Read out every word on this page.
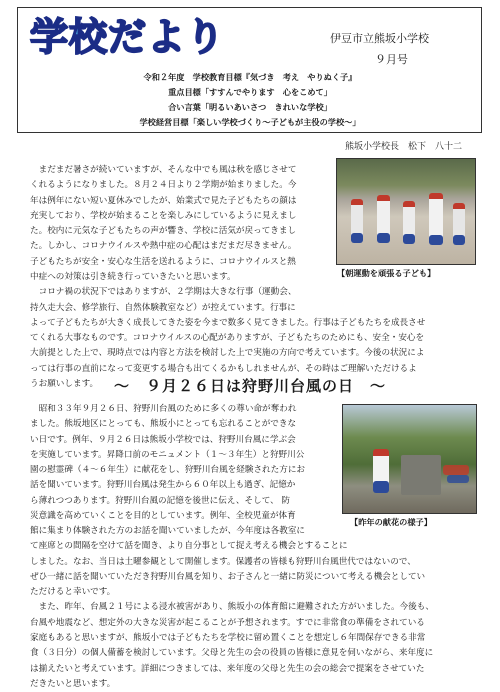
学校だより	伊豆市立熊坂小学校
９月号
令和２年度　学校教育目標『気づき　考え　やりぬく子』
重点目標「すすんでやります　心をこめて」
合い言葉「明るいあいさつ　きれいな学校」
学校経営目標「楽しい学校づくり～子どもが主役の学校～」
熊坂小学校長　松下　八十二
　まだまだ暑さが続いていますが、そんな中でも風は秋を感じさせて
くれるようになりました。８月２４日より２学期が始まりました。今
年は例年にない短い夏休みでしたが、始業式で見た子どもたちの顔は
充実しており、学校が始まることを楽しみにしているように見えまし
た。校内に元気な子どもたちの声が響き、学校に活気が戻ってきまし
た。しかし、コロナウイルスや熱中症の心配はまだまだ尽きません。
子どもたちが安全・安心な生活を送れるように、コロナウイルスと熱
中症への対策は引き続き行っていきたいと思います。
　コロナ禍の状況下ではありますが、２学期は大きな行事（運動会、
持久走大会、修学旅行、自然体験教室など）が控えています。行事に
よって子どもたちが大きく成長してきた姿を今まで数多く見てきました。行事は子どもたちを成長させ
てくれる大事なものです。コロナウイルスの心配がありますが、子どもたちのためにも、安全・安心を
大前提とした上で、現時点では内容と方法を検討した上で実施の方向で考えています。今後の状況によ
っては行事の直前になって変更する場合も出てくるかもしれませんが、その時はご理解いただけるよ
うお願いします。
【朝運動を頑張る子ども】
～　９月２６日は狩野川台風の日　～
　昭和３３年９月２６日、狩野川台風のために多くの尊い命が奪われ
ました。熊坂地区にとっても、熊坂小にとっても忘れることができな
い日です。例年、９月２６日は熊坂小学校では、狩野川台風に学ぶ会
を実施しています。昇降口前のモニュメント（１～３年生）と狩野川公
園の慰霊碑（４～６年生）に献花をし、狩野川台風を経験された方にお
話を聞いています。狩野川台風は発生から６０年以上も過ぎ、記憶か
ら薄れつつあります。狩野川台風の記憶を後世に伝え、そして、 防
災意識を高めていくことを目的としています。例年、全校児童が体育
館に集まり体験された方のお話を聞いていましたが、今年度は各教室に
て座席との間隔を空けて話を聞き、より自分事として捉え考える機会とすることに
しました。なお、当日は土曜参観として開催します。保護者の皆様も狩野川台風世代ではないので、
ぜひ一緒に話を聞いていただき狩野川台風を知り、お子さんと一緒に防災について考える機会としてい
ただけると幸いです。
　また、昨年、台風２１号による浸水被害があり、熊坂小の体育館に避難された方がいました。今後も、
台風や地震など、想定外の大きな災害が起こることが予想されます。すでに非常食の準備をされている
家庭もあると思いますが、熊坂小では子どもたちを学校に留め置くことを想定し６年間保存できる非常
食（３日分）の個人備蓄を検討しています。父母と先生の会の役員の皆様に意見を伺いながら、来年度に
は揃えたいと考えています。詳細につきましては、来年度の父母と先生の会の総会で提案をさせていた
だきたいと思います。
【昨年の献花の様子】
